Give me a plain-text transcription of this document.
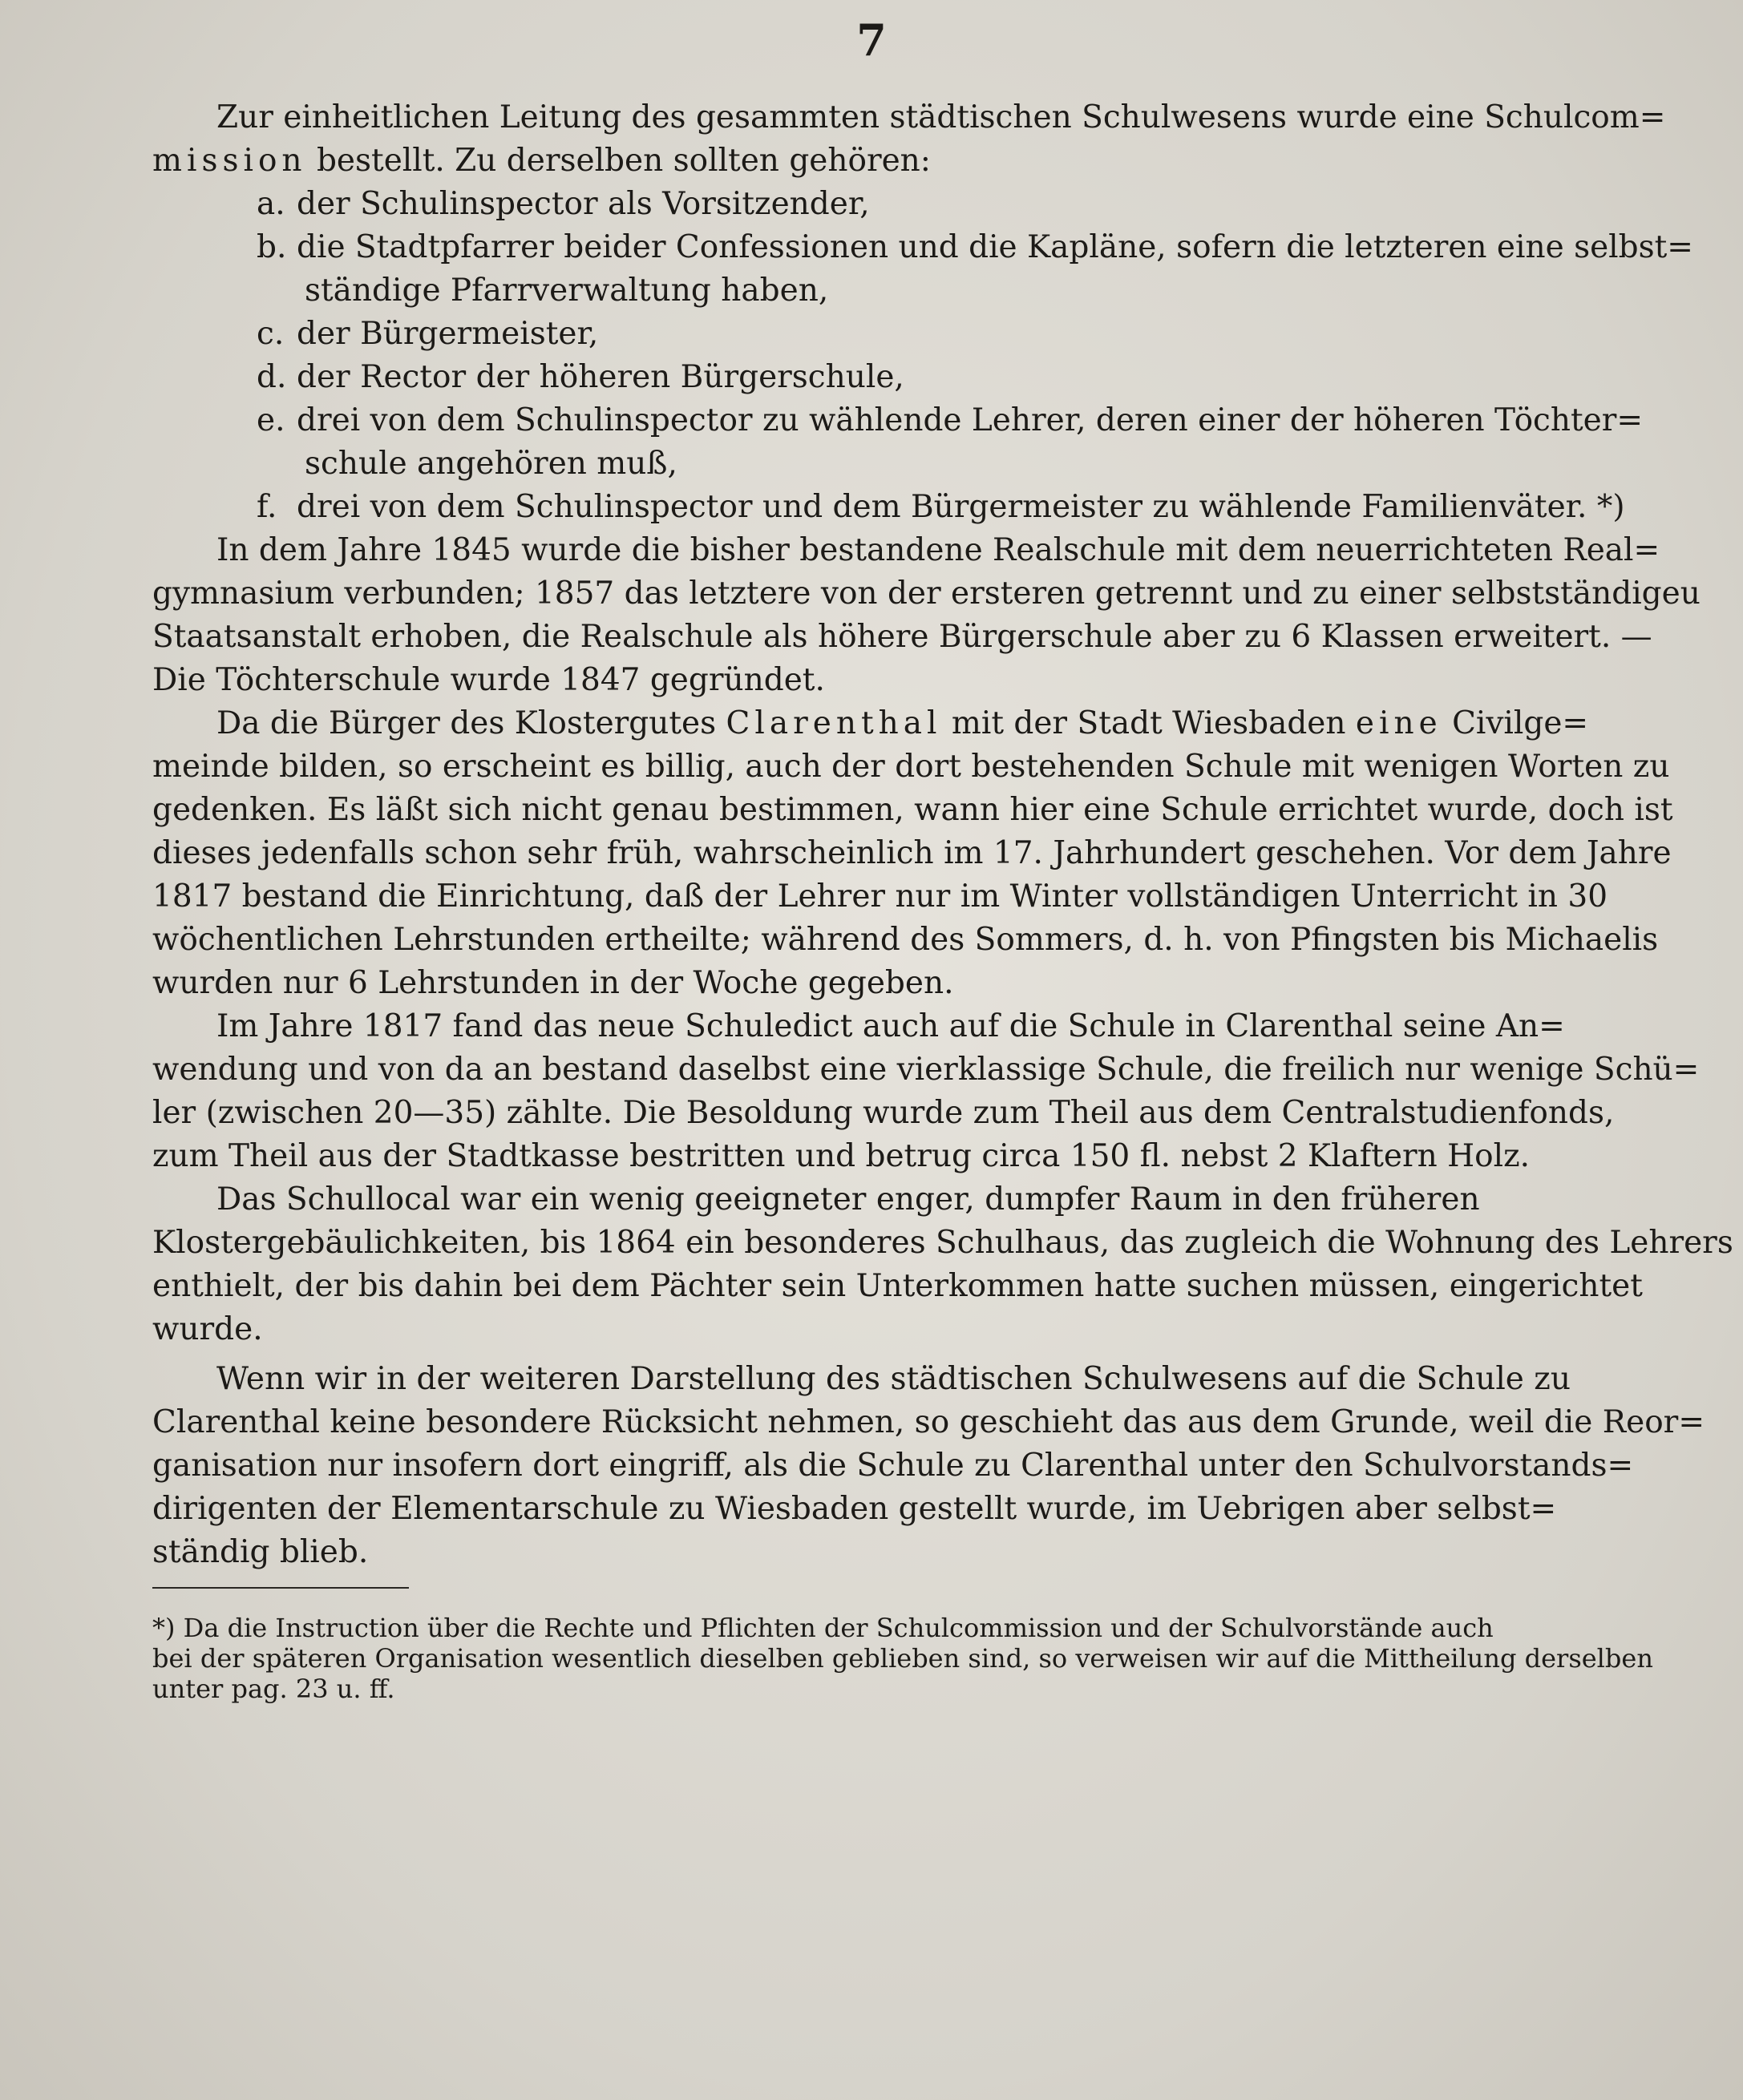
7
Zur einheitlichen Leitung des gesammten städtischen Schulwesens wurde eine Schulcom=
mission bestellt. Zu derselben sollten gehören:
a. der Schulinspector als Vorsitzender,
b. die Stadtpfarrer beider Confessionen und die Kapläne, sofern die letzteren eine selbst=
ständige Pfarrverwaltung haben,
c. der Bürgermeister,
d. der Rector der höheren Bürgerschule,
e. drei von dem Schulinspector zu wählende Lehrer, deren einer der höheren Töchter=
schule angehören muß,
f. drei von dem Schulinspector und dem Bürgermeister zu wählende Familienväter. *)
In dem Jahre 1845 wurde die bisher bestandene Realschule mit dem neuerrichteten Real=
gymnasium verbunden; 1857 das letztere von der ersteren getrennt und zu einer selbstständigeu
Staatsanstalt erhoben, die Realschule als höhere Bürgerschule aber zu 6 Klassen erweitert. —
Die Töchterschule wurde 1847 gegründet.
Da die Bürger des Klostergutes Clarenthal mit der Stadt Wiesbaden eine Civilge=
meinde bilden, so erscheint es billig, auch der dort bestehenden Schule mit wenigen Worten zu
gedenken. Es läßt sich nicht genau bestimmen, wann hier eine Schule errichtet wurde, doch ist
dieses jedenfalls schon sehr früh, wahrscheinlich im 17. Jahrhundert geschehen. Vor dem Jahre
1817 bestand die Einrichtung, daß der Lehrer nur im Winter vollständigen Unterricht in 30
wöchentlichen Lehrstunden ertheilte; während des Sommers, d. h. von Pfingsten bis Michaelis
wurden nur 6 Lehrstunden in der Woche gegeben.
Im Jahre 1817 fand das neue Schuledict auch auf die Schule in Clarenthal seine An=
wendung und von da an bestand daselbst eine vierklassige Schule, die freilich nur wenige Schü=
ler (zwischen 20—35) zählte. Die Besoldung wurde zum Theil aus dem Centralstudienfonds,
zum Theil aus der Stadtkasse bestritten und betrug circa 150 fl. nebst 2 Klaftern Holz.
Das Schullocal war ein wenig geeigneter enger, dumpfer Raum in den früheren
Klostergebäulichkeiten, bis 1864 ein besonderes Schulhaus, das zugleich die Wohnung des Lehrers
enthielt, der bis dahin bei dem Pächter sein Unterkommen hatte suchen müssen, eingerichtet
wurde.
Wenn wir in der weiteren Darstellung des städtischen Schulwesens auf die Schule zu
Clarenthal keine besondere Rücksicht nehmen, so geschieht das aus dem Grunde, weil die Reor=
ganisation nur insofern dort eingriff, als die Schule zu Clarenthal unter den Schulvorstands=
dirigenten der Elementarschule zu Wiesbaden gestellt wurde, im Uebrigen aber selbst=
ständig blieb.
*) Da die Instruction über die Rechte und Pflichten der Schulcommission und der Schulvorstände auch
bei der späteren Organisation wesentlich dieselben geblieben sind, so verweisen wir auf die Mittheilung derselben
unter pag. 23 u. ff.
